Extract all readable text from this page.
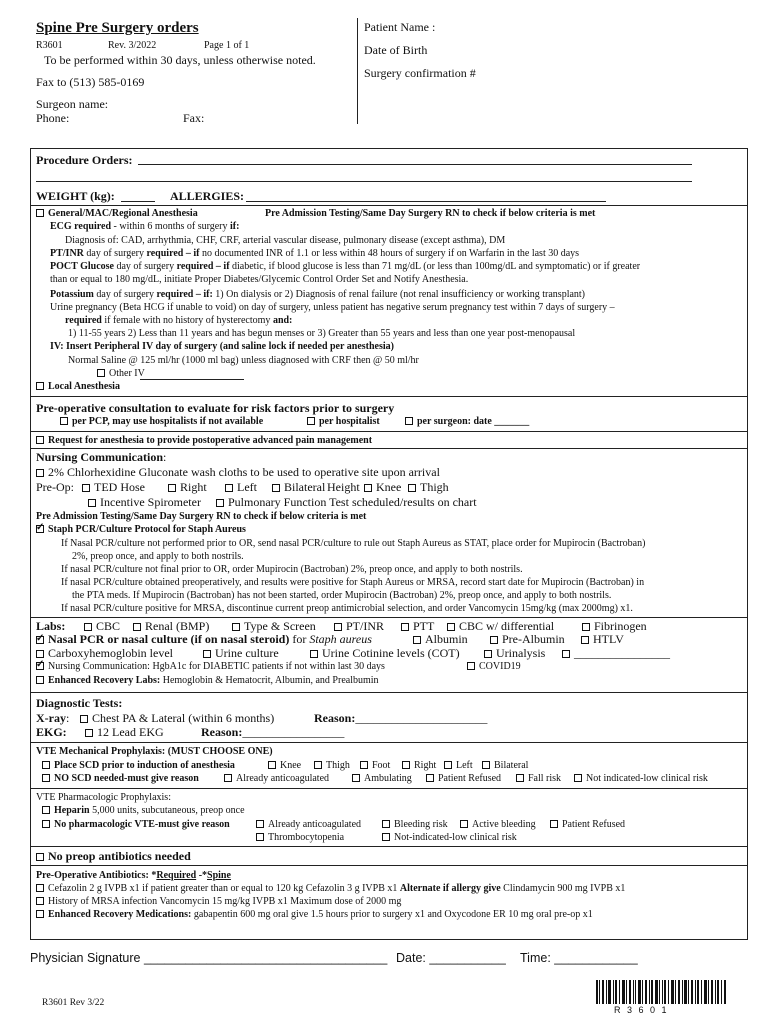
Spine Pre Surgery orders
R3601	Rev. 3/2022	Page 1 of 1
To be performed within 30 days, unless otherwise noted.
Fax to (513) 585-0169
Surgeon name:
Phone:	Fax:
Patient Name :
Date of Birth
Surgery confirmation #
Procedure Orders:
WEIGHT (kg):	ALLERGIES:
General/MAC/Regional Anesthesia	Pre Admission Testing/Same Day Surgery RN to check if below criteria is met
ECG required - within 6 months of surgery if:
Diagnosis of: CAD, arrhythmia, CHF, CRF, arterial vascular disease, pulmonary disease (except asthma), DM
PT/INR day of surgery required – if no documented INR of 1.1 or less within 48 hours of surgery if on Warfarin in the last 30 days
POCT Glucose day of surgery required – if diabetic, if blood glucose is less than 71 mg/dL (or less than 100mg/dL and symptomatic) or if greater
than or equal to 180 mg/dL, initiate Proper Diabetes/Glycemic Control Order Set and Notify Anesthesia.
Potassium day of surgery required – if: 1) On dialysis or 2) Diagnosis of renal failure (not renal insufficiency or working transplant)
Urine pregnancy (Beta HCG if unable to void) on day of surgery, unless patient has negative serum pregnancy test within 7 days of surgery –
required if female with no history of hysterectomy and:
1) 11-55 years 2) Less than 11 years and has begun menses or 3) Greater than 55 years and less than one year post-menopausal
IV: Insert Peripheral IV day of surgery (and saline lock if needed per anesthesia)
Normal Saline @ 125 ml/hr (1000 ml bag) unless diagnosed with CRF then @ 50 ml/hr
Other IV
Local Anesthesia
Pre-operative consultation to evaluate for risk factors prior to surgery
per PCP, may use hospitalists if not available	per hospitalist	per surgeon: date _______
Request for anesthesia to provide postoperative advanced pain management
Nursing Communication:
2% Chlorhexidine Gluconate wash cloths to be used to operative site upon arrival
Pre-Op:	TED Hose	Right	Left	Bilateral Height	Knee	Thigh
Incentive Spirometer	Pulmonary Function Test scheduled/results on chart
Pre Admission Testing/Same Day Surgery RN to check if below criteria is met
✓Staph PCR/Culture Protocol for Staph Aureus
If Nasal PCR/culture not performed prior to OR, send nasal PCR/culture to rule out Staph Aureus as STAT, place order for Mupirocin (Bactroban)
2%, preop once, and apply to both nostrils.
If nasal PCR/culture not final prior to OR, order Mupirocin (Bactroban) 2%, preop once, and apply to both nostrils.
If nasal PCR/culture obtained preoperatively, and results were positive for Staph Aureus or MRSA, record start date for Mupirocin (Bactroban) in
the PTA meds. If Mupirocin (Bactroban) has not been started, order Mupirocin (Bactroban) 2%, preop once, and apply to both nostrils.
If nasal PCR/culture positive for MRSA, discontinue current preop antimicrobial selection, and order Vancomycin 15mg/kg (max 2000mg) x1.
Labs:	CBC	Renal (BMP)	Type & Screen	PT/INR	PTT	CBC w/ differential	Fibrinogen
✓Nasal PCR or nasal culture (if on nasal steroid) for Staph aureus	Albumin	Pre-Albumin	HTLV
Carboxyhemoglobin level	Urine culture	Urine Cotinine levels (COT)	Urinalysis	________________
✓Nursing Communication: HgbA1c for DIABETIC patients if not within last 30 days	COVID19
Enhanced Recovery Labs: Hemoglobin & Hematocrit, Albumin, and Prealbumin
Diagnostic Tests:
X-ray:	Chest PA & Lateral (within 6 months)	Reason:______________________
EKG:	12 Lead EKG	Reason:_________________
VTE Mechanical Prophylaxis: (MUST CHOOSE ONE)
Place SCD prior to induction of anesthesia	Knee	Thigh	Foot	Right	Left	Bilateral
NO SCD needed-must give reason	Already anticoagulated	Ambulating	Patient Refused	Fall risk	Not indicated-low clinical risk
VTE Pharmacologic Prophylaxis:
Heparin 5,000 units, subcutaneous, preop once
No pharmacologic VTE-must give reason	Already anticoagulated	Bleeding risk	Active bleeding	Patient Refused
Thrombocytopenia	Not-indicated-low clinical risk
No preop antibiotics needed
Pre-Operative Antibiotics: *Required -*Spine
Cefazolin 2 g IVPB x1 if patient greater than or equal to 120 kg Cefazolin 3 g IVPB x1 Alternate if allergy give Clindamycin 900 mg IVPB x1
History of MRSA infection Vancomycin 15 mg/kg IVPB x1 Maximum dose of 2000 mg
Enhanced Recovery Medications: gabapentin 600 mg oral give 1.5 hours prior to surgery x1 and Oxycodone ER 10 mg oral pre-op x1
Physician Signature ___________________________________ Date: ___________ Time: ____________
R3601 Rev 3/22
R 3 6 0 1
